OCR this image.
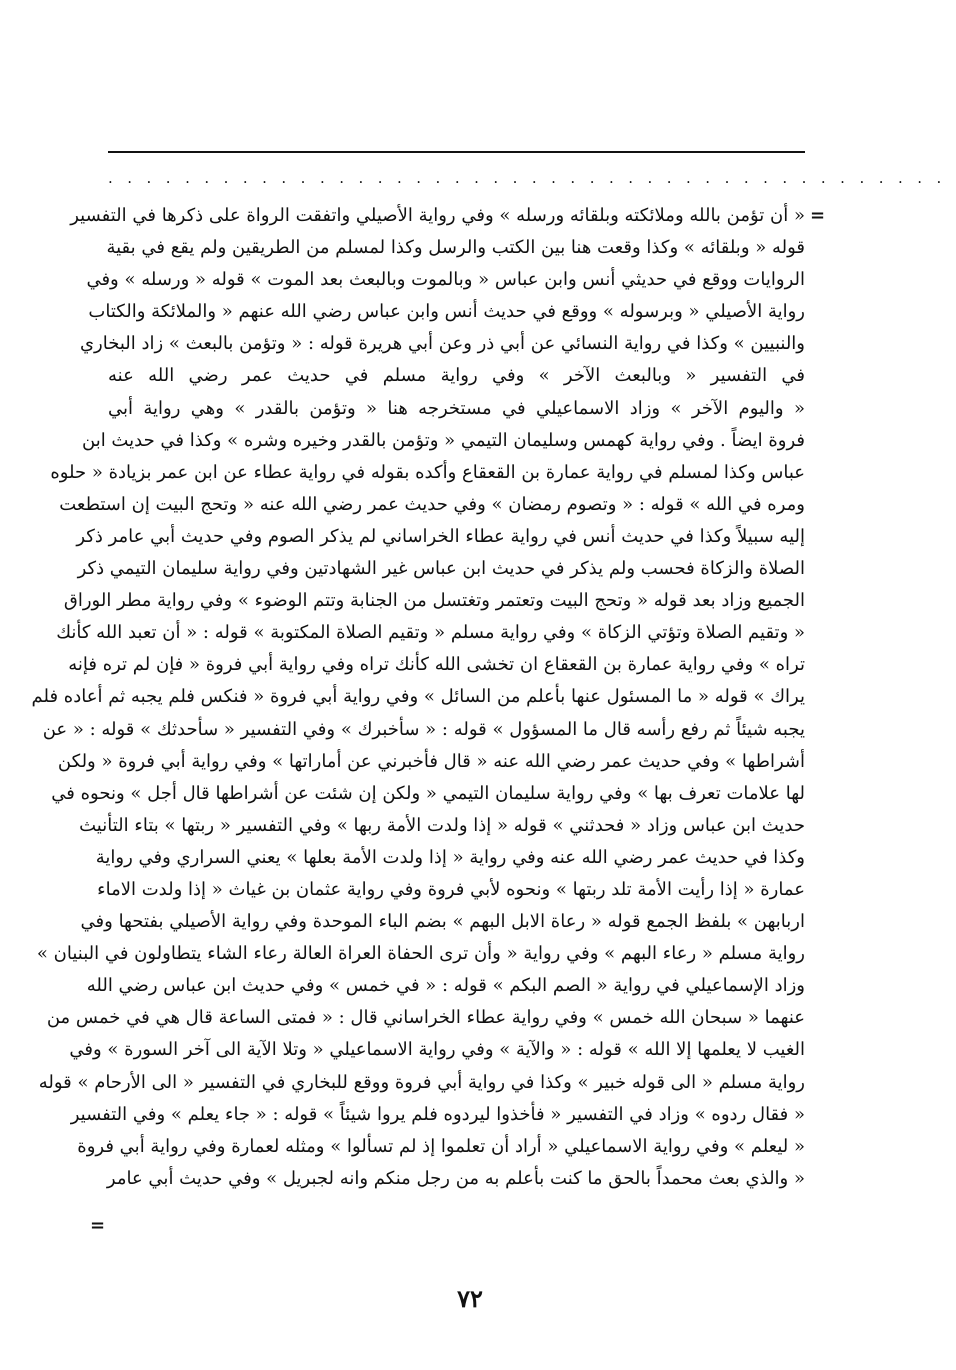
............................................
=
« أن تؤمن بالله وملائكته وبلقائه ورسله » وفي رواية الأصيلي واتفقت الرواة على ذكرها في التفسير
قوله « وبلقائه » وكذا وقعت هنا بين الكتب والرسل وكذا لمسلم من الطريقين ولم يقع في بقية
الروايات ووقع في حديثي أنس وابن عباس « وبالموت وبالبعث بعد الموت » قوله « ورسله » وفي
رواية الأصيلي « وبرسوله » ووقع في حديث أنس وابن عباس رضي الله عنهم « والملائكة والكتاب
والنبيين » وكذا في رواية النسائي عن أبي ذر وعن أبي هريرة قوله : « وتؤمن بالبعث » زاد البخاري
في التفسير « وبالبعث الآخر » وفي رواية مسلم في حديث عمر رضي الله عنه
« واليوم الآخر » وزاد الاسماعيلي في مستخرجه هنا « وتؤمن بالقدر » وهي رواية أبي
فروة ايضاً . وفي رواية كهمس وسليمان التيمي « وتؤمن بالقدر وخيره وشره » وكذا في حديث ابن
عباس وكذا لمسلم في رواية عمارة بن القعقاع وأكده بقوله في رواية عطاء عن ابن عمر بزيادة « حلوه
ومره في الله » قوله : « وتصوم رمضان » وفي حديث عمر رضي الله عنه « وتحج البيت إن استطعت
إليه سبيلاً وكذا في حديث أنس في رواية عطاء الخراساني لم يذكر الصوم وفي حديث أبي عامر ذكر
الصلاة والزكاة فحسب ولم يذكر في حديث ابن عباس غير الشهادتين وفي رواية سليمان التيمي ذكر
الجميع وزاد بعد قوله « وتحج البيت وتعتمر وتغتسل من الجنابة وتتم الوضوء » وفي رواية مطر الوراق
« وتقيم الصلاة وتؤتي الزكاة » وفي رواية مسلم « وتقيم الصلاة المكتوبة » قوله : « أن تعبد الله كأنك
تراه » وفي رواية عمارة بن القعقاع ان تخشى الله كأنك تراه وفي رواية أبي فروة « فإن لم تره فإنه
يراك » قوله « ما المسئول عنها بأعلم من السائل » وفي رواية أبي فروة « فنكس فلم يجبه ثم أعاده فلم
يجبه شيئاً ثم رفع رأسه قال ما المسؤول » قوله : « سأخبرك » وفي التفسير « سأحدثك » قوله : « عن
أشراطها » وفي حديث عمر رضي الله عنه « قال فأخبرني عن أماراتها » وفي رواية أبي فروة « ولكن
لها علامات تعرف بها » وفي رواية سليمان التيمي « ولكن إن شئت عن أشراطها قال أجل » ونحوه في
حديث ابن عباس وزاد « فحدثني » قوله « إذا ولدت الأمة ربها » وفي التفسير « ربتها » بتاء التأنيث
وكذا في حديث عمر رضي الله عنه وفي رواية « إذا ولدت الأمة بعلها » يعني السراري وفي رواية
عمارة « إذا رأيت الأمة تلد ربتها » ونحوه لأبي فروة وفي رواية عثمان بن غياث « إذا ولدت الاماء
اربابهن » بلفظ الجمع قوله « رعاة الابل البهم » بضم الباء الموحدة وفي رواية الأصيلي بفتحها وفي
رواية مسلم « رعاء البهم » وفي رواية « وأن ترى الحفاة العراة العالة رعاء الشاء يتطاولون في البنيان »
وزاد الإسماعيلي في رواية « الصم البكم » قوله : « في خمس » وفي حديث ابن عباس رضي الله
عنهما « سبحان الله خمس » وفي رواية عطاء الخراساني قال : « فمتى الساعة قال هي في خمس من
الغيب لا يعلمها إلا الله » قوله : « والآية » وفي رواية الاسماعيلي « وتلا الآية الى آخر السورة » وفي
رواية مسلم « الى قوله خبير » وكذا في رواية أبي فروة ووقع للبخاري في التفسير « الى الأرحام » قوله
« فقال ردوه » وزاد في التفسير « فأخذوا ليردوه فلم يروا شيئاً » قوله : « جاء يعلم » وفي التفسير
« ليعلم » وفي رواية الاسماعيلي « أراد أن تعلموا إذ لم تسألوا » ومثله لعمارة وفي رواية أبي فروة
« والذي بعث محمداً بالحق ما كنت بأعلم به من رجل منكم وانه لجبريل » وفي حديث أبي عامر
=
٧٢
